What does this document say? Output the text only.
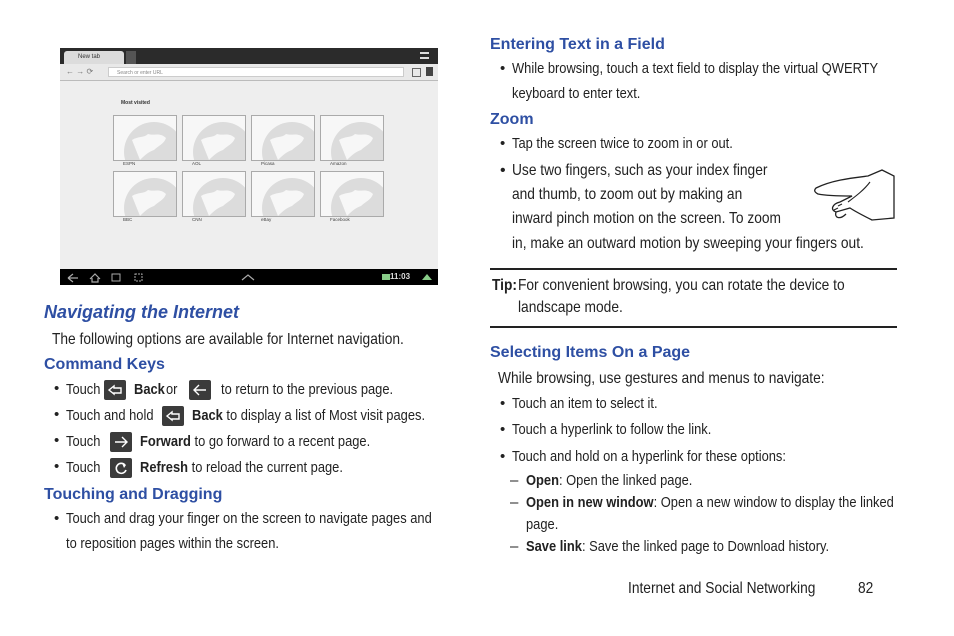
New tab
← → ⟳	Search or enter URL
Most visited
ESPN	AOL	Picasa	Amazon
BBC	CNN	eBay	Facebook
11:03
Navigating the Internet
The following options are available for Internet navigation.
Command Keys
Touch Backor	to return to the previous page.
Touch and hold	Back to display a list of Most visit pages.
Touch	Forward to go forward to a recent page.
Touch	Refresh to reload the current page.
Touching and Dragging
Touch and drag your finger on the screen to navigate pages and
to reposition pages within the screen.
Entering Text in a Field
While browsing, touch a text field to display the virtual QWERTY
keyboard to enter text.
Zoom
Tap the screen twice to zoom in or out.
Use two fingers, such as your index finger
and thumb, to zoom out by making an
inward pinch motion on the screen. To zoom
in, make an outward motion by sweeping your fingers out.
Tip:For convenient browsing, you can rotate the device to
landscape mode.
Selecting Items On a Page
While browsing, use gestures and menus to navigate:
Touch an item to select it.
Touch a hyperlink to follow the link.
Touch and hold on a hyperlink for these options:
– Open: Open the linked page.
– Open in new window: Open a new window to display the linked
page.
– Save link: Save the linked page to Download history.
Internet and Social Networking	82
